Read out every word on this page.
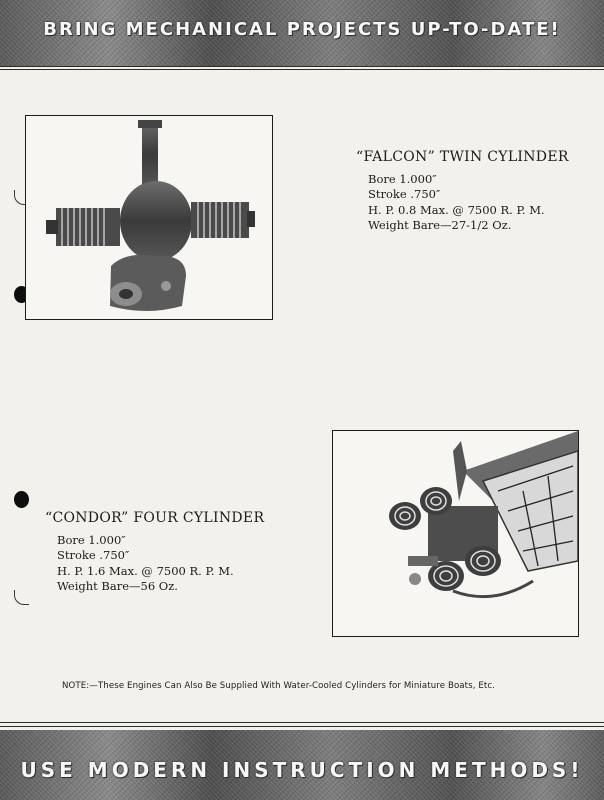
BRING MECHANICAL PROJECTS UP-TO-DATE!
“FALCON” TWIN CYLINDER
Bore 1.000″
Stroke .750″
H. P. 0.8 Max. @ 7500 R. P. M.
Weight Bare—27-1/2 Oz.
“CONDOR” FOUR CYLINDER
Bore 1.000″
Stroke .750″
H. P. 1.6 Max. @ 7500 R. P. M.
Weight Bare—56 Oz.
NOTE:—These Engines Can Also Be Supplied With Water-Cooled Cylinders for Miniature Boats, Etc.
USE MODERN INSTRUCTION METHODS!
